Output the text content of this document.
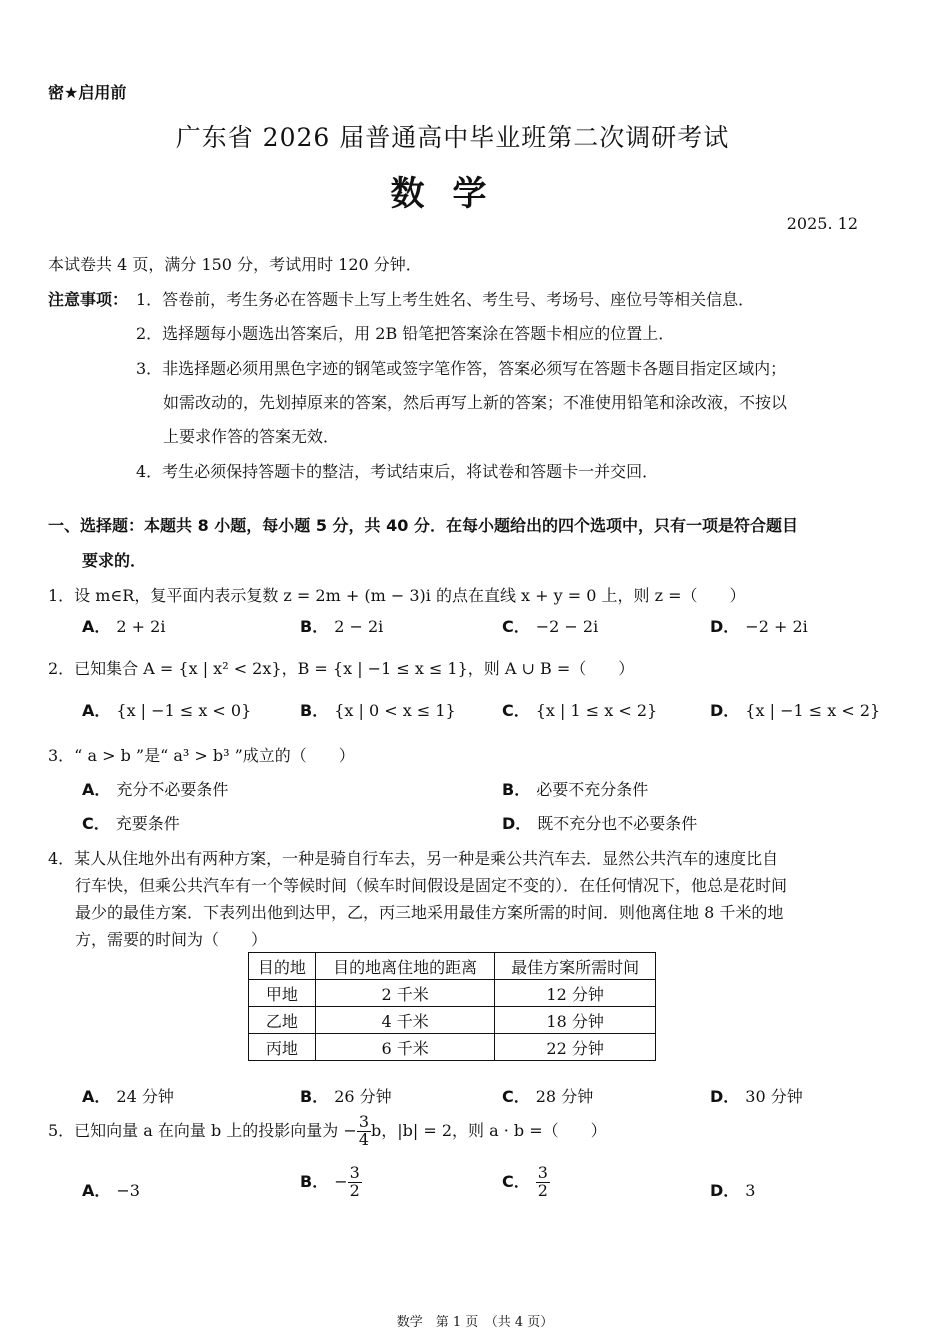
密★启用前
广东省 2026 届普通高中毕业班第二次调研考试
数学
2025. 12
本试卷共 4 页，满分 150 分，考试用时 120 分钟．
注意事项： 1．答卷前，考生务必在答题卡上写上考生姓名、考生号、考场号、座位号等相关信息．
2．选择题每小题选出答案后，用 2B 铅笔把答案涂在答题卡相应的位置上．
3．非选择题必须用黑色字迹的钢笔或签字笔作答，答案必须写在答题卡各题目指定区域内；
如需改动的，先划掉原来的答案，然后再写上新的答案；不准使用铅笔和涂改液，不按以
上要求作答的答案无效．
4．考生必须保持答题卡的整洁，考试结束后，将试卷和答题卡一并交回．
一、选择题：本题共 8 小题，每小题 5 分，共 40 分．在每小题给出的四个选项中，只有一项是符合题目
要求的．
1．设 m∈R，复平面内表示复数 z = 2m + (m − 3)i 的点在直线 x + y = 0 上，则 z =（　　）
A． 2 + 2i	B． 2 − 2i	C． −2 − 2i	D． −2 + 2i
2．已知集合 A = {x | x² < 2x}，B = {x | −1 ≤ x ≤ 1}，则 A ∪ B =（　　）
A． {x | −1 ≤ x < 0}	B． {x | 0 < x ≤ 1}	C． {x | 1 ≤ x < 2}	D． {x | −1 ≤ x < 2}
3．“ a > b ”是“ a³ > b³ ”成立的（　　）
A． 充分不必要条件	B． 必要不充分条件
C． 充要条件	D． 既不充分也不必要条件
4．某人从住地外出有两种方案，一种是骑自行车去，另一种是乘公共汽车去．显然公共汽车的速度比自
行车快，但乘公共汽车有一个等候时间（候车时间假设是固定不变的）．在任何情况下，他总是花时间
最少的最佳方案．下表列出他到达甲，乙，丙三地采用最佳方案所需的时间．则他离住地 8 千米的地
方，需要的时间为（　　）
目的地	目的地离住地的距离	最佳方案所需时间
甲地	2 千米	12 分钟
乙地	4 千米	18 分钟
丙地	6 千米	22 分钟
A． 24 分钟	B． 26 分钟	C． 28 分钟	D． 30 分钟
5．已知向量 a 在向量 b 上的投影向量为 − $\frac{3}{4}$ b，|b| = 2，则 a · b =（　　）
A． −3	B． − $\frac{3}{2}$	C． $\frac{3}{2}$	D． 3
数学　第 1 页　（共 4 页）
